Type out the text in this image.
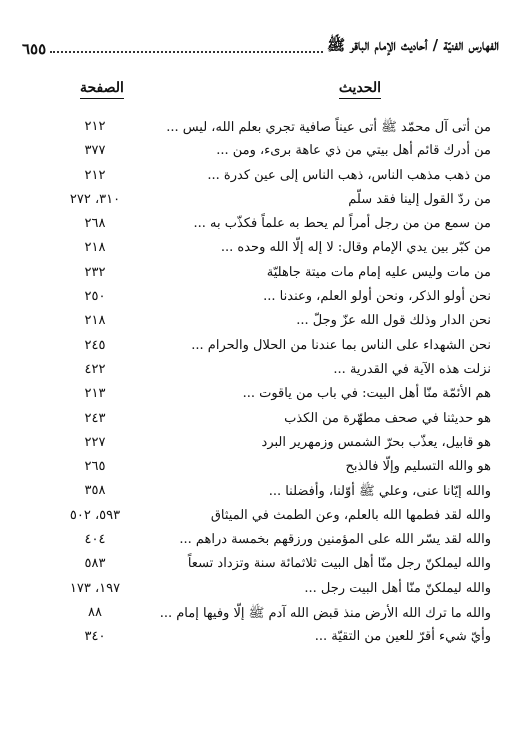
الفهارس الفنيّة / أحاديث الإمام الباقر ﷺ
٦٥٥
الحديث
الصفحة
من أتى آل محمّد ﷺ أتى عيناً صافية تجري بعلم الله، ليس ...
٢١٢
من أدرك قائم أهل بيتي من ذي عاهة برىء، ومن ...
٣٧٧
من ذهب مذهب الناس، ذهب الناس إلى عين كدرة ...
٢١٢
من ردّ القول إلينا فقد سلّم
٣١٠، ٢٧٢
من سمع من من رجل أمراً لم يحط به علماً فكذّب به ...
٢٦٨
من كبّر بين يدي الإمام وقال: لا إله إلّا الله وحده ...
٢١٨
من مات وليس عليه إمام مات ميتة جاهليّة
٢٣٢
نحن أولو الذكر، ونحن أولو العلم، وعندنا ...
٢٥٠
نحن الدار وذلك قول الله عزّ وجلّ ...
٢١٨
نحن الشهداء على الناس بما عندنا من الحلال والحرام ...
٢٤٥
نزلت هذه الآية في القدرية ...
٤٢٢
هم الأئمّة منّا أهل البيت: في باب من ياقوت ...
٢١٣
هو حديثنا في صحف مطهّرة من الكذب
٢٤٣
هو قابيل، يعذّب بحرّ الشمس وزمهرير البرد
٢٢٧
هو والله التسليم وإلّا فالذبح
٢٦٥
والله إيّانا عنى، وعلي ﷺ أوّلنا، وأفضلنا ...
٣٥٨
والله لقد فطمها الله بالعلم، وعن الطمث في الميثاق
٥٩٣، ٥٠٢
والله لقد يسّر الله على المؤمنين ورزقهم بخمسة دراهم ...
٤٠٤
والله ليملكنّ رجل منّا أهل البيت ثلاثمائة سنة وتزداد تسعاً
٥٨٣
والله ليملكنّ منّا أهل البيت رجل ...
١٩٧، ١٧٣
والله ما ترك الله الأرض منذ قبض الله آدم ﷺ إلّا وفيها إمام ...
٨٨
وأيّ شيء أقرّ للعين من التقيّة ...
٣٤٠
